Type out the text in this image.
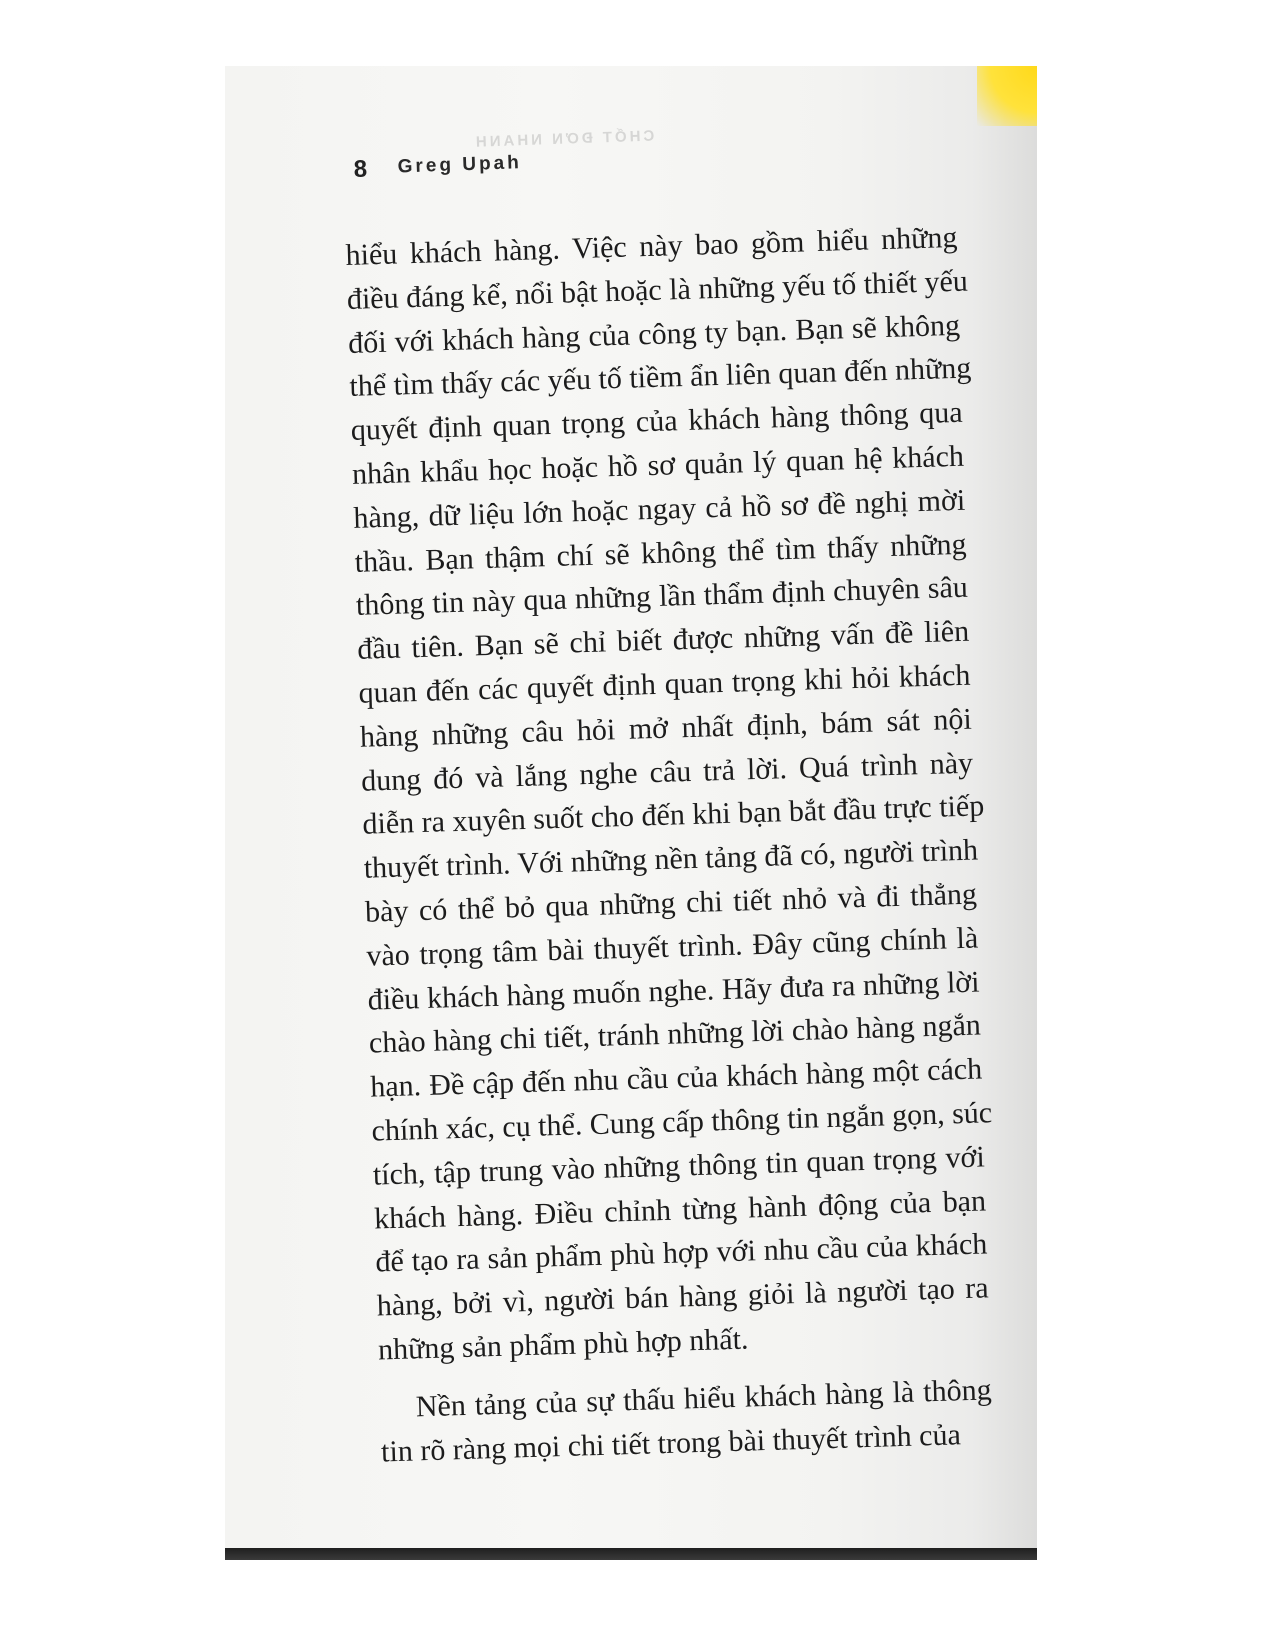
CHỐT ĐƠN NHANH
8 Greg Upah
hiểu khách hàng. Việc này bao gồm hiểu những
điều đáng kể, nổi bật hoặc là những yếu tố thiết yếu
đối với khách hàng của công ty bạn. Bạn sẽ không
thể tìm thấy các yếu tố tiềm ẩn liên quan đến những
quyết định quan trọng của khách hàng thông qua
nhân khẩu học hoặc hồ sơ quản lý quan hệ khách
hàng, dữ liệu lớn hoặc ngay cả hồ sơ đề nghị mời
thầu. Bạn thậm chí sẽ không thể tìm thấy những
thông tin này qua những lần thẩm định chuyên sâu
đầu tiên. Bạn sẽ chỉ biết được những vấn đề liên
quan đến các quyết định quan trọng khi hỏi khách
hàng những câu hỏi mở nhất định, bám sát nội
dung đó và lắng nghe câu trả lời. Quá trình này
diễn ra xuyên suốt cho đến khi bạn bắt đầu trực tiếp
thuyết trình. Với những nền tảng đã có, người trình
bày có thể bỏ qua những chi tiết nhỏ và đi thẳng
vào trọng tâm bài thuyết trình. Đây cũng chính là
điều khách hàng muốn nghe. Hãy đưa ra những lời
chào hàng chi tiết, tránh những lời chào hàng ngắn
hạn. Đề cập đến nhu cầu của khách hàng một cách
chính xác, cụ thể. Cung cấp thông tin ngắn gọn, súc
tích, tập trung vào những thông tin quan trọng với
khách hàng. Điều chỉnh từng hành động của bạn
để tạo ra sản phẩm phù hợp với nhu cầu của khách
hàng, bởi vì, người bán hàng giỏi là người tạo ra
những sản phẩm phù hợp nhất.
Nền tảng của sự thấu hiểu khách hàng là thông
tin rõ ràng mọi chi tiết trong bài thuyết trình của
